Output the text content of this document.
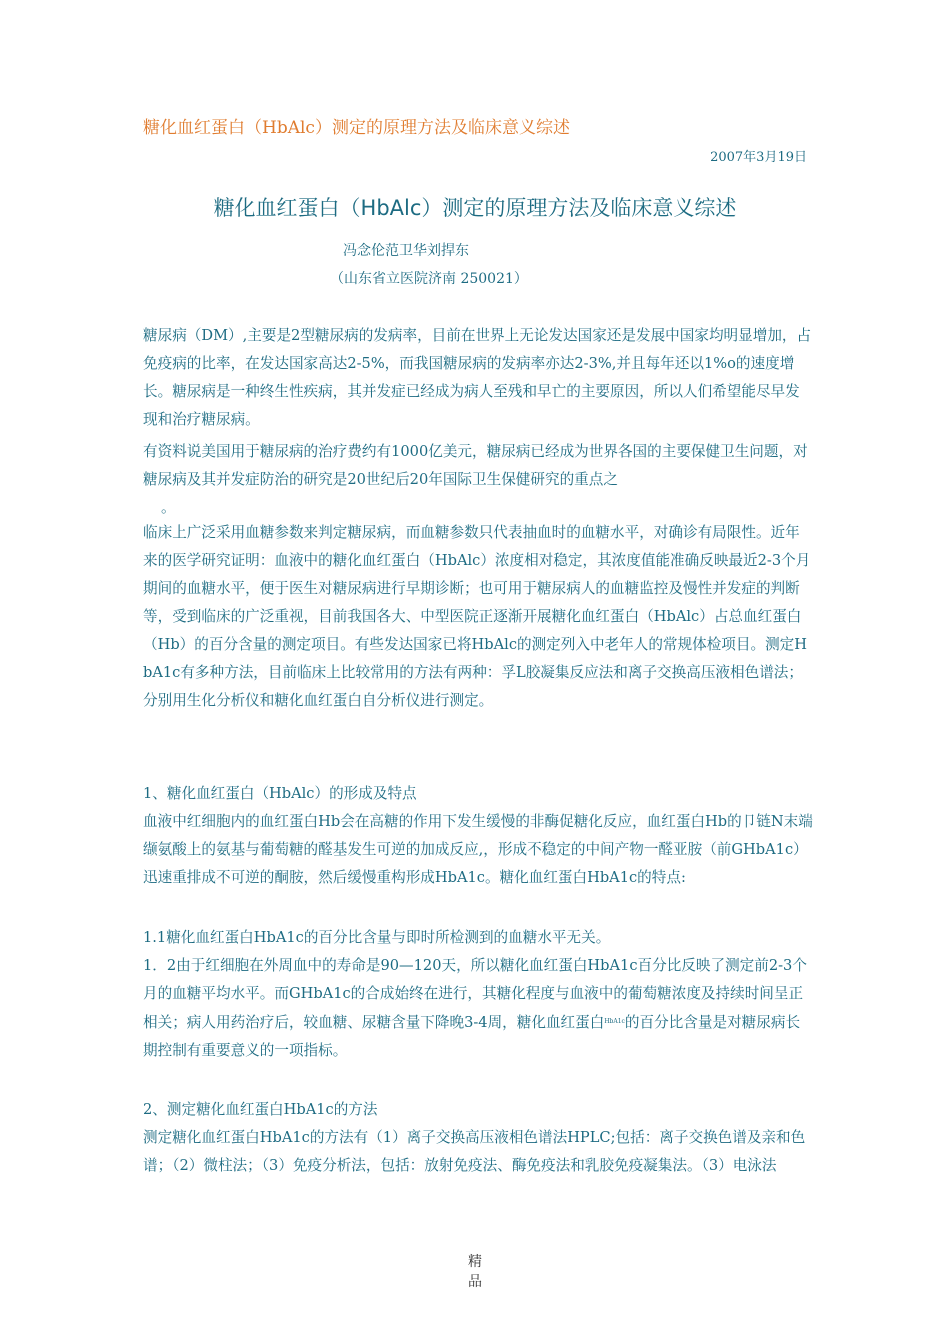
糖化血红蛋白（HbAlc）测定的原理方法及临床意义综述
2007年3月19日
糖化血红蛋白（HbAlc）测定的原理方法及临床意义综述
冯念伦范卫华刘捍东
（山东省立医院济南 250021）
糖尿病（DM）,主要是2型糖尿病的发病率，目前在世界上无论发达国家还是发展中国家均明显增加，占免疫病的比率，在发达国家高达2-5%，而我国糖尿病的发病率亦达2-3%,并且每年还以1%o的速度增长。糖尿病是一种终生性疾病，其并发症已经成为病人至残和早亡的主要原因，所以人们希望能尽早发现和治疗糖尿病。
有资料说美国用于糖尿病的治疗费约有1000亿美元，糖尿病已经成为世界各国的主要保健卫生问题，对糖尿病及其并发症防治的研究是20世纪后20年国际卫生保健研究的重点之
。
临床上广泛采用血糖参数来判定糖尿病，而血糖参数只代表抽血时的血糖水平，对确诊有局限性。近年来的医学研究证明：血液中的糖化血红蛋白（HbAlc）浓度相对稳定，其浓度值能准确反映最近2-3个月期间的血糖水平，便于医生对糖尿病进行早期诊断；也可用于糖尿病人的血糖监控及慢性并发症的判断等，受到临床的广泛重视，目前我国各大、中型医院正逐渐开展糖化血红蛋白（HbAlc）占总血红蛋白（Hb）的百分含量的测定项目。有些发达国家已将HbAlc的测定列入中老年人的常规体检项目。测定HbA1c有多种方法，目前临床上比较常用的方法有两种：孚L胶凝集反应法和离子交换高压液相色谱法；分别用生化分析仪和糖化血红蛋白自分析仪进行测定。
1、糖化血红蛋白（HbAlc）的形成及特点
血液中红细胞内的血红蛋白Hb会在高糖的作用下发生缓慢的非酶促糖化反应，血红蛋白Hb的卩链N末端缬氨酸上的氨基与葡萄糖的醛基发生可逆的加成反应,，形成不稳定的中间产物一醛亚胺（前GHbA1c）迅速重排成不可逆的酮胺，然后缓慢重构形成HbA1c。糖化血红蛋白HbA1c的特点:
1.1糖化血红蛋白HbA1c的百分比含量与即时所检测到的血糖水平无关。
1．2由于红细胞在外周血中的寿命是90—120天，所以糖化血红蛋白HbA1c百分比反映了测定前2-3个月的血糖平均水平。而GHbA1c的合成始终在进行，其糖化程度与血液中的葡萄糖浓度及持续时间呈正相关；病人用药治疗后，较血糖、尿糖含量下降晚3-4周，糖化血红蛋白$^{HbA1c}$的百分比含量是对糖尿病长期控制有重要意义的一项指标。
2、测定糖化血红蛋白HbA1c的方法
测定糖化血红蛋白HbA1c的方法有（1）离子交换高压液相色谱法HPLC;包括：离子交换色谱及亲和色谱；（2）微柱法；（3）免疫分析法，包括：放射免疫法、酶免疫法和乳胶免疫凝集法。（3）电泳法
精
品
